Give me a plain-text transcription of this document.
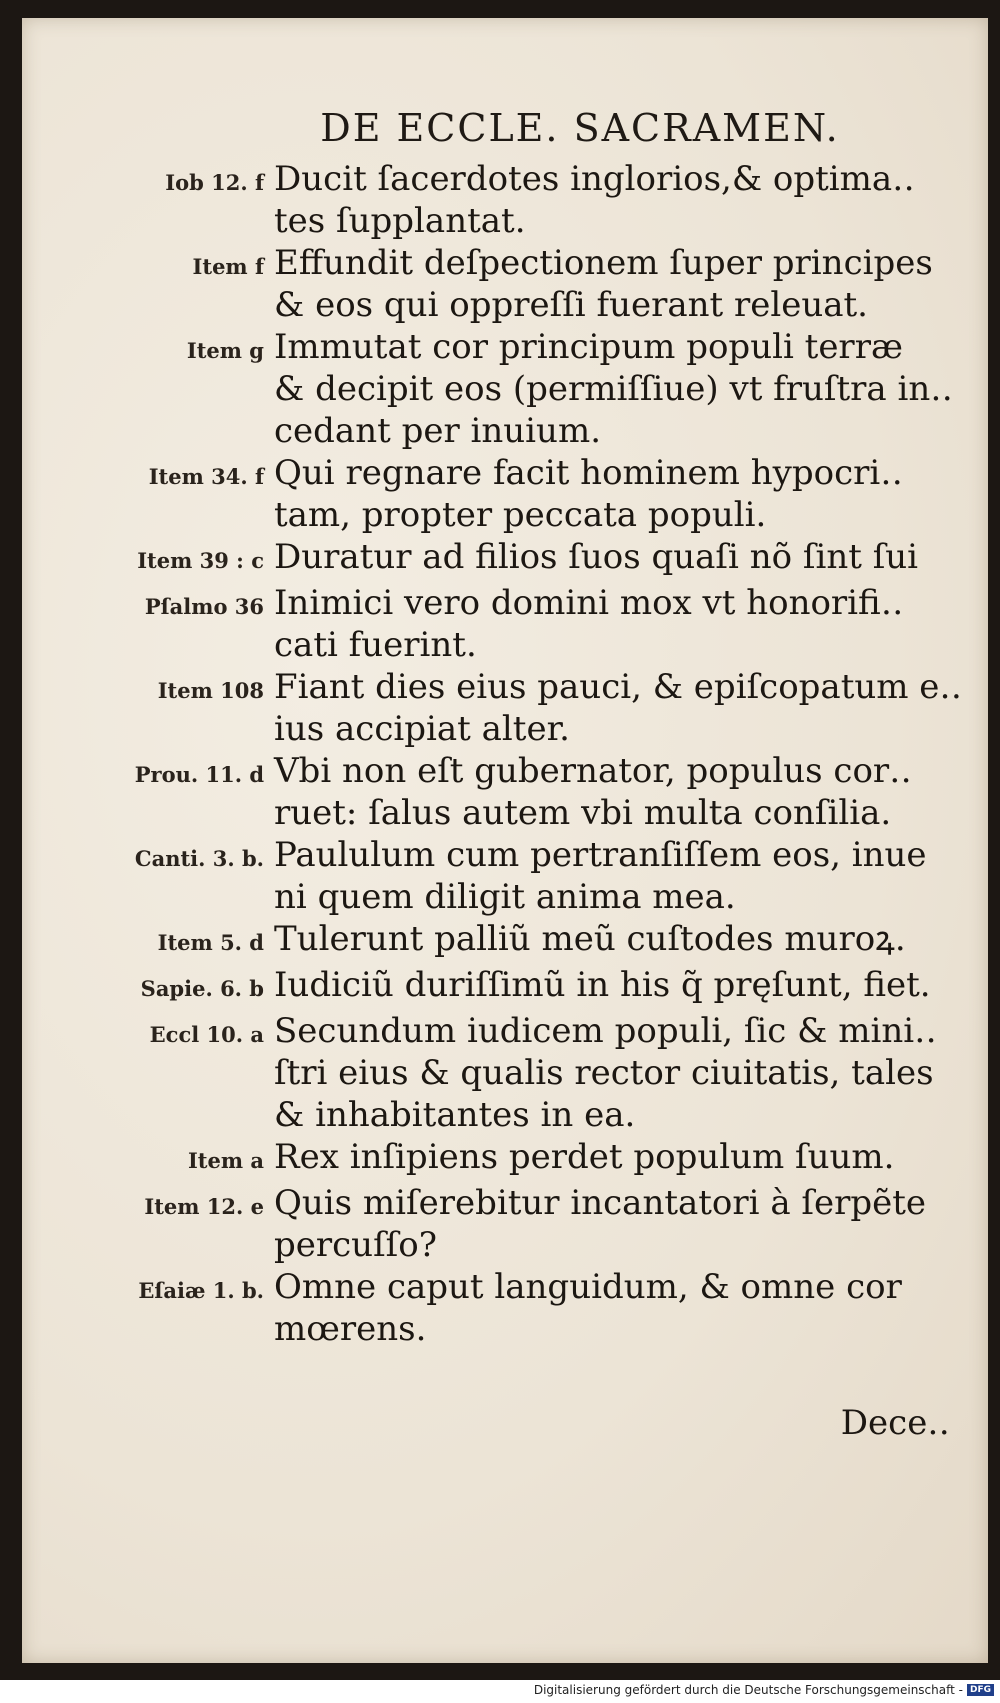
DE ECCLE. SACRAMEN.
Iob 12. f Ducit ſacerdotes inglorios,& optima‥
tes ſupplantat.
Item f Effundit deſpectionem ſuper principes
& eos qui oppreſſi fuerant releuat.
Item g Immutat cor principum populi terræ
& decipit eos (permiſſiue) vt fruſtra in‥
cedant per inuium.
Item 34. f Qui regnare facit hominem hypocri‥
tam, propter peccata populi.
Item 39 : c Duratur ad filios ſuos quaſi nõ ſint ſui
Pſalmo 36 Inimici vero domini mox vt honorifi‥
cati fuerint.
Item 108 Fiant dies eius pauci, & epiſcopatum e‥
ius accipiat alter.
Prou. 11. d Vbi non eſt gubernator, populus cor‥
ruet: ſalus autem vbi multa conſilia.
Canti. 3. b. Paululum cum pertranſiſſem eos, inue
ni quem diligit anima mea.
Item 5. d Tulerunt palliũ meũ cuſtodes muroꝝ.
Sapie. 6. b Iudiciũ duriſſimũ in his q̃ pręſunt, fiet.
Eccl 10. a Secundum iudicem populi, ſic & mini‥
ſtri eius & qualis rector ciuitatis, tales
& inhabitantes in ea.
Item a Rex inſipiens perdet populum ſuum.
Item 12. e Quis miſerebitur incantatori à ſerpẽte
percuſſo?
Eſaiæ 1. b. Omne caput languidum, & omne cor
mœrens.
Dece‥
Digitalisierung gefördert durch die Deutsche Forschungsgemeinschaft - DFG
